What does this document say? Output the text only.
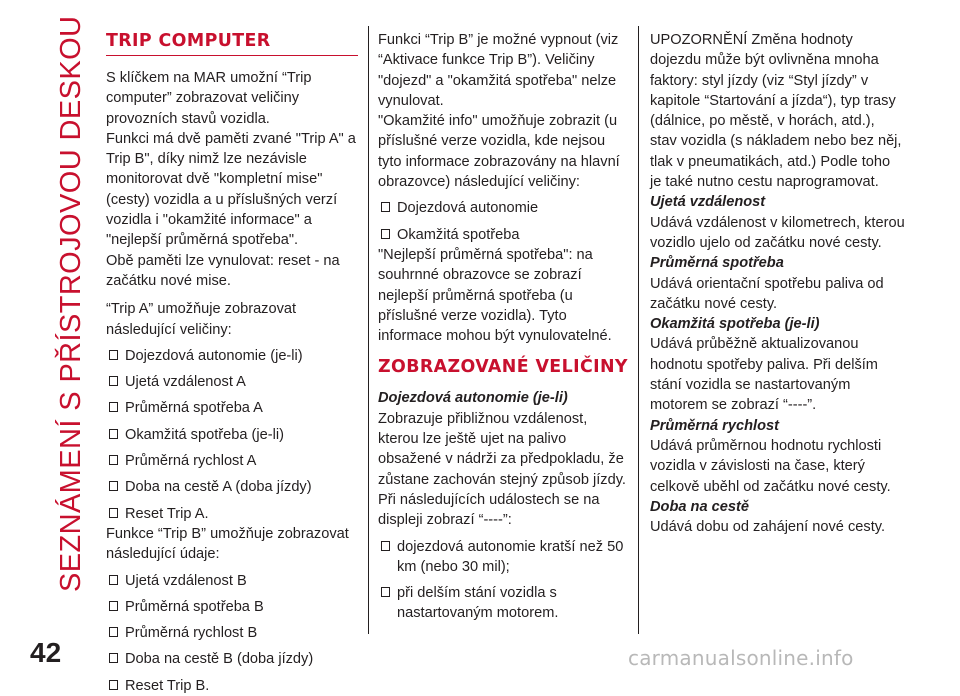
SEZNÁMENÍ S PŘÍSTROJOVOU DESKOU TRIP COMPUTER

S klíčkem na MAR umožní “Trip computer” zobrazovat veličiny provozních stavů vozidla.

Funkci má dvě paměti zvané "Trip A" a Trip B", díky nimž lze nezávisle monitorovat dvě "kompletní mise" (cesty) vozidla a u příslušných verzí vozidla i "okamžité informace" a "nejlepší průměrná spotřeba".

Obě paměti lze vynulovat: reset - na začátku nové mise.

“Trip A” umožňuje zobrazovat následující veličiny:

Dojezdová autonomie (je-li)
Ujetá vzdálenost A
Průměrná spotřeba A
Okamžitá spotřeba (je-li)
Průměrná rychlost A
Doba na cestě A (doba jízdy)
Reset Trip A.

Funkce “Trip B” umožňuje zobrazovat následující údaje:

Ujetá vzdálenost B
Průměrná spotřeba B
Průměrná rychlost B
Doba na cestě B (doba jízdy)
Reset Trip B.

Funkci “Trip B” je možné vypnout (viz “Aktivace funkce Trip B”). Veličiny "dojezd" a "okamžitá spotřeba" nelze vynulovat.

"Okamžité info" umožňuje zobrazit (u příslušné verze vozidla, kde nejsou tyto informace zobrazovány na hlavní obrazovce) následující veličiny:

Dojezdová autonomie
Okamžitá spotřeba

"Nejlepší průměrná spotřeba": na souhrnné obrazovce se zobrazí nejlepší průměrná spotřeba (u příslušné verze vozidla). Tyto informace mohou být vynulovatelné.

ZOBRAZOVANÉ VELIČINY

Dojezdová autonomie (je-li)

Zobrazuje přibližnou vzdálenost, kterou lze ještě ujet na palivo obsažené v nádrži za předpokladu, že zůstane zachován stejný způsob jízdy. Při následujících událostech se na displeji zobrazí “----”:

dojezdová autonomie kratší než 50 km (nebo 30 mil);
při delším stání vozidla s nastartovaným motorem.

UPOZORNĚNÍ Změna hodnoty dojezdu může být ovlivněna mnoha faktory: styl jízdy (viz “Styl jízdy” v kapitole “Startování a jízda“), typ trasy (dálnice, po městě, v horách, atd.), stav vozidla (s nákladem nebo bez něj, tlak v pneumatikách, atd.) Podle toho je také nutno cestu naprogramovat.

Ujetá vzdálenost

Udává vzdálenost v kilometrech, kterou vozidlo ujelo od začátku nové cesty.

Průměrná spotřeba

Udává orientační spotřebu paliva od začátku nové cesty.

Okamžitá spotřeba (je-li)

Udává průběžně aktualizovanou hodnotu spotřeby paliva. Při delším stání vozidla se nastartovaným motorem se zobrazí “----”.

Průměrná rychlost

Udává průměrnou hodnotu rychlosti vozidla v závislosti na čase, který celkově uběhl od začátku nové cesty.

Doba na cestě

Udává dobu od zahájení nové cesty.

42	carmanualsonline.info
